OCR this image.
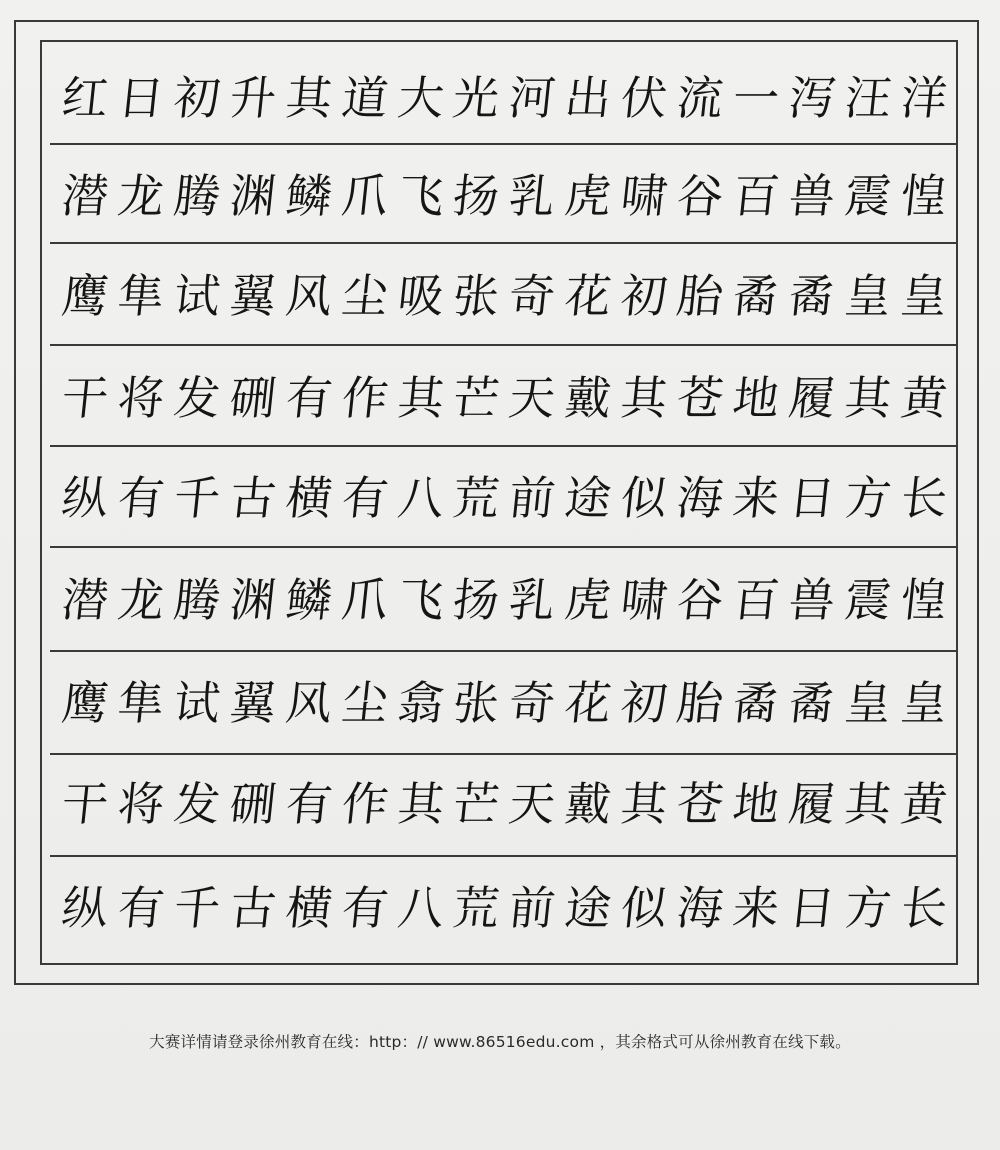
红 日 初 升 其 道 大 光 河 出 伏 流 一 泻 汪 洋
潜 龙 腾 渊 鳞 爪 飞 扬 乳 虎 啸 谷 百 兽 震 惶
鹰 隼 试 翼 风 尘 吸 张 奇 花 初 胎 矞 矞 皇 皇
干 将 发 硎 有 作 其 芒 天 戴 其 苍 地 履 其 黄
纵 有 千 古 横 有 八 荒 前 途 似 海 来 日 方 长
潜 龙 腾 渊 鳞 爪 飞 扬 乳 虎 啸 谷 百 兽 震 惶
鹰 隼 试 翼 风 尘 翕 张 奇 花 初 胎 矞 矞 皇 皇
干 将 发 硎 有 作 其 芒 天 戴 其 苍 地 履 其 黄
纵 有 千 古 横 有 八 荒 前 途 似 海 来 日 方 长
大赛详情请登录徐州教育在线：http：// www.86516edu.com ，其余格式可从徐州教育在线下载。
